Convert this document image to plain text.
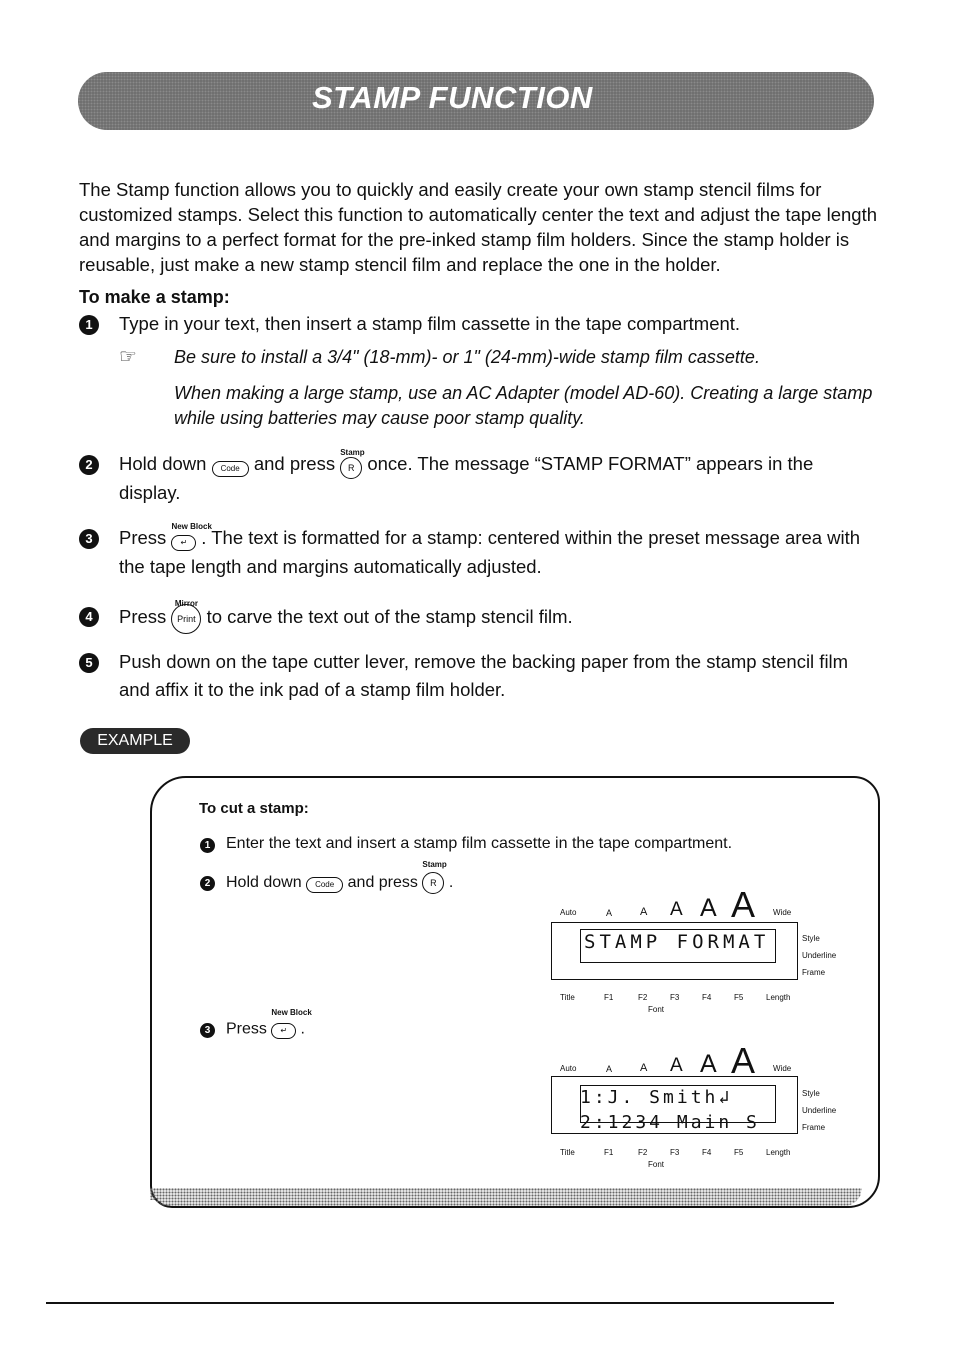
STAMP FUNCTION
The Stamp function allows you to quickly and easily create your own stamp stencil films for customized stamps. Select this function to automatically center the text and adjust the tape length and margins to a perfect format for the pre-inked stamp film holders. Since the stamp holder is reusable, just make a new stamp stencil film and replace the one in the holder.
To make a stamp:
1	Type in your text, then insert a stamp film cassette in the tape compartment.
☞ Be sure to install a 3/4" (18-mm)- or 1" (24-mm)-wide stamp film cassette.
When making a large stamp, use an AC Adapter (model AD-60). Creating a large stamp while using batteries may cause poor stamp quality.
2	Hold down Code and press
Stamp
R once. The message “STAMP FORMAT” appears in the display.
3	Press
New Block
↵ . The text is formatted for a stamp: centered within the preset message area with the tape length and margins automatically adjusted.
4	Press
Mirror
Print to carve the text out of the stamp stencil film.
5	Push down on the tape cutter lever, remove the backing paper from the stamp stencil film and affix it to the ink pad of a stamp film holder.
EXAMPLE
To cut a stamp:
1 Enter the text and insert a stamp film cassette in the tape compartment.
2 Hold down Code and press
Stamp
R .
3 Press
New Block
↵ .
Auto	A	A A A A Wide
STAMP FORMAT	Style
Underline
Frame
Title	F1	F2	F3	F4	F5	Length
Font
Auto	A	A A A A Wide
1:J. Smith↲
2:1234 Main S
Style
Underline
Frame
Title	F1	F2	F3	F4	F5	Length
Font
